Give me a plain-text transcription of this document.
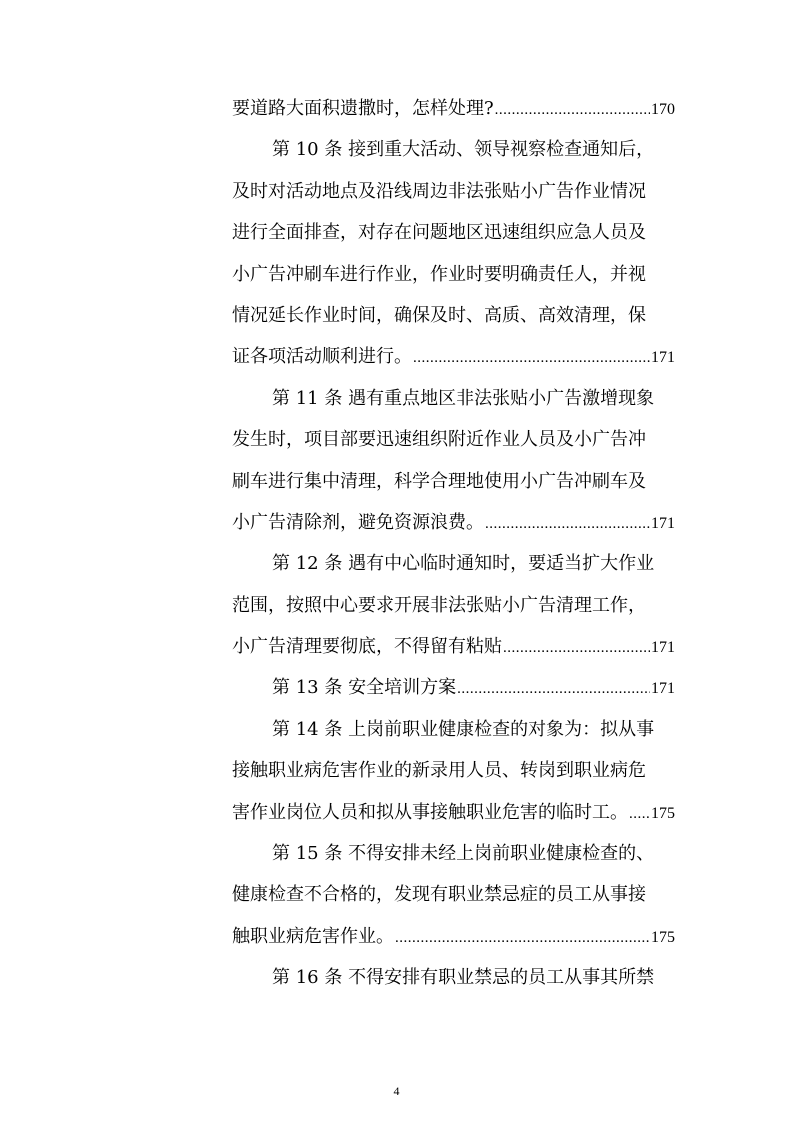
要道路大面积遗撒时，怎样处理? .....	170
第 10 条 接到重大活动、领导视察检查通知后，
及时对活动地点及沿线周边非法张贴小广告作业情况
进行全面排查，对存在问题地区迅速组织应急人员及
小广告冲刷车进行作业，作业时要明确责任人，并视
情况延长作业时间，确保及时、高质、高效清理，保
证各项活动顺利进行。 .....	171
第 11 条 遇有重点地区非法张贴小广告激增现象
发生时，项目部要迅速组织附近作业人员及小广告冲
刷车进行集中清理，科学合理地使用小广告冲刷车及
小广告清除剂，避免资源浪费。 .....	171
第 12 条 遇有中心临时通知时，要适当扩大作业
范围，按照中心要求开展非法张贴小广告清理工作，
小广告清理要彻底，不得留有粘贴 .....	171
第 13 条 安全培训方案 .....	171
第 14 条 上岗前职业健康检查的对象为：拟从事
接触职业病危害作业的新录用人员、转岗到职业病危
害作业岗位人员和拟从事接触职业危害的临时工。 ..... 175
第 15 条 不得安排未经上岗前职业健康检查的、
健康检查不合格的，发现有职业禁忌症的员工从事接
触职业病危害作业。 .....	175
第 16 条 不得安排有职业禁忌的员工从事其所禁
4
